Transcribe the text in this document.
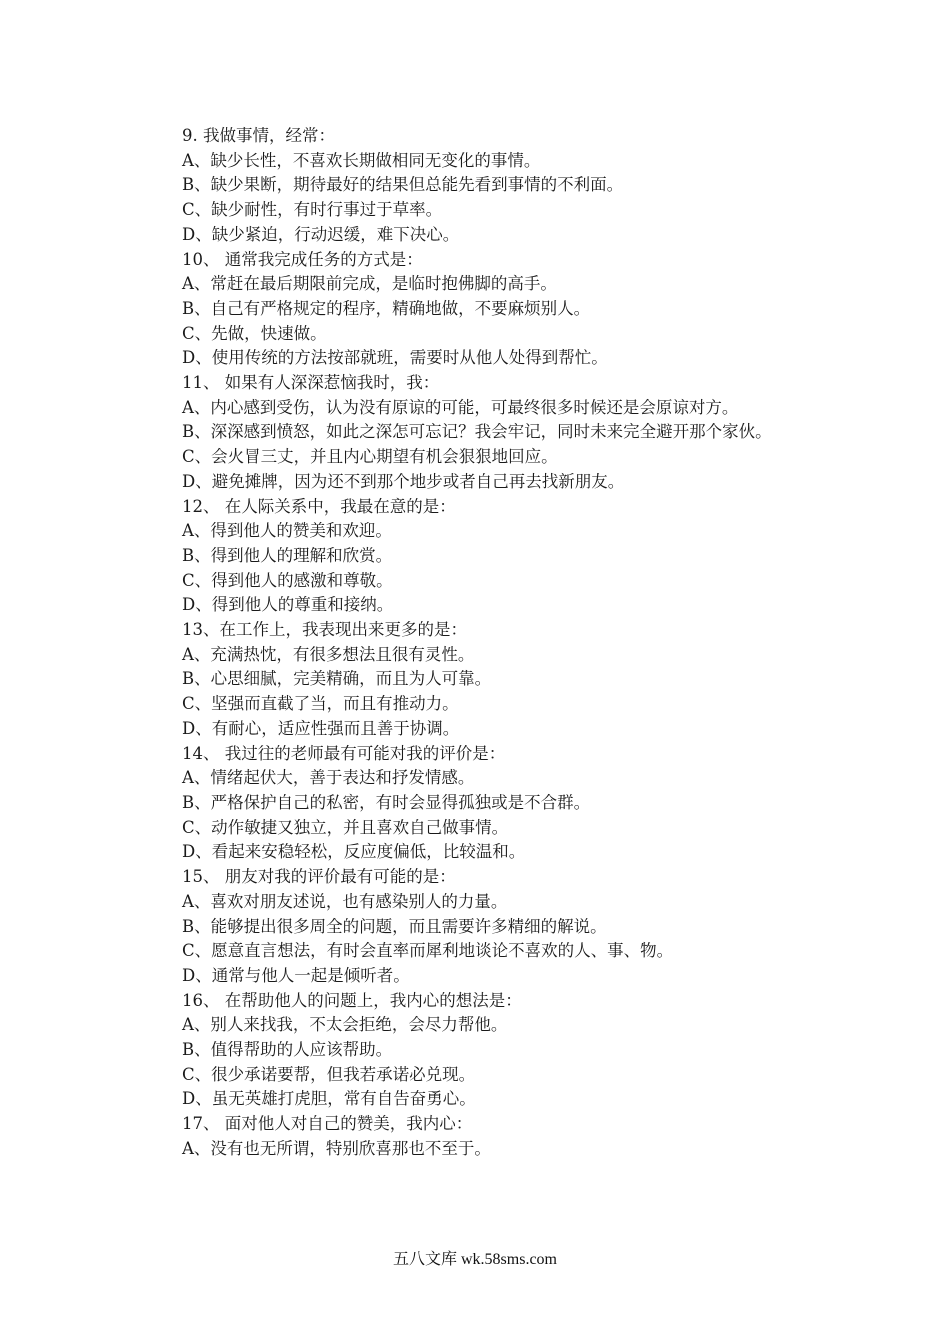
9. 我做事情，经常：

A、缺少长性，不喜欢长期做相同无变化的事情。

B、缺少果断，期待最好的结果但总能先看到事情的不利面。

C、缺少耐性，有时行事过于草率。

D、缺少紧迫，行动迟缓，难下决心。

10、 通常我完成任务的方式是：

A、常赶在最后期限前完成，是临时抱佛脚的高手。

B、自己有严格规定的程序，精确地做，不要麻烦别人。

C、先做，快速做。

D、使用传统的方法按部就班，需要时从他人处得到帮忙。

11、 如果有人深深惹恼我时，我：

A、内心感到受伤，认为没有原谅的可能，可最终很多时候还是会原谅对方。

B、深深感到愤怒，如此之深怎可忘记？我会牢记，同时未来完全避开那个家伙。

C、会火冒三丈，并且内心期望有机会狠狠地回应。

D、避免摊牌，因为还不到那个地步或者自己再去找新朋友。

12、 在人际关系中，我最在意的是：

A、得到他人的赞美和欢迎。

B、得到他人的理解和欣赏。

C、得到他人的感激和尊敬。

D、得到他人的尊重和接纳。

13、在工作上，我表现出来更多的是：

A、充满热忱，有很多想法且很有灵性。

B、心思细腻，完美精确，而且为人可靠。

C、坚强而直截了当，而且有推动力。

D、有耐心，适应性强而且善于协调。

14、 我过往的老师最有可能对我的评价是：

A、情绪起伏大，善于表达和抒发情感。

B、严格保护自己的私密，有时会显得孤独或是不合群。

C、动作敏捷又独立，并且喜欢自己做事情。

D、看起来安稳轻松，反应度偏低，比较温和。

15、 朋友对我的评价最有可能的是：

A、喜欢对朋友述说，也有感染别人的力量。

B、能够提出很多周全的问题，而且需要许多精细的解说。

C、愿意直言想法，有时会直率而犀利地谈论不喜欢的人、事、物。

D、通常与他人一起是倾听者。

16、 在帮助他人的问题上，我内心的想法是：

A、别人来找我，不太会拒绝，会尽力帮他。

B、值得帮助的人应该帮助。

C、很少承诺要帮，但我若承诺必兑现。

D、虽无英雄打虎胆，常有自告奋勇心。

17、 面对他人对自己的赞美，我内心：

A、没有也无所谓，特别欣喜那也不至于。

五八文库 wk.58sms.com
